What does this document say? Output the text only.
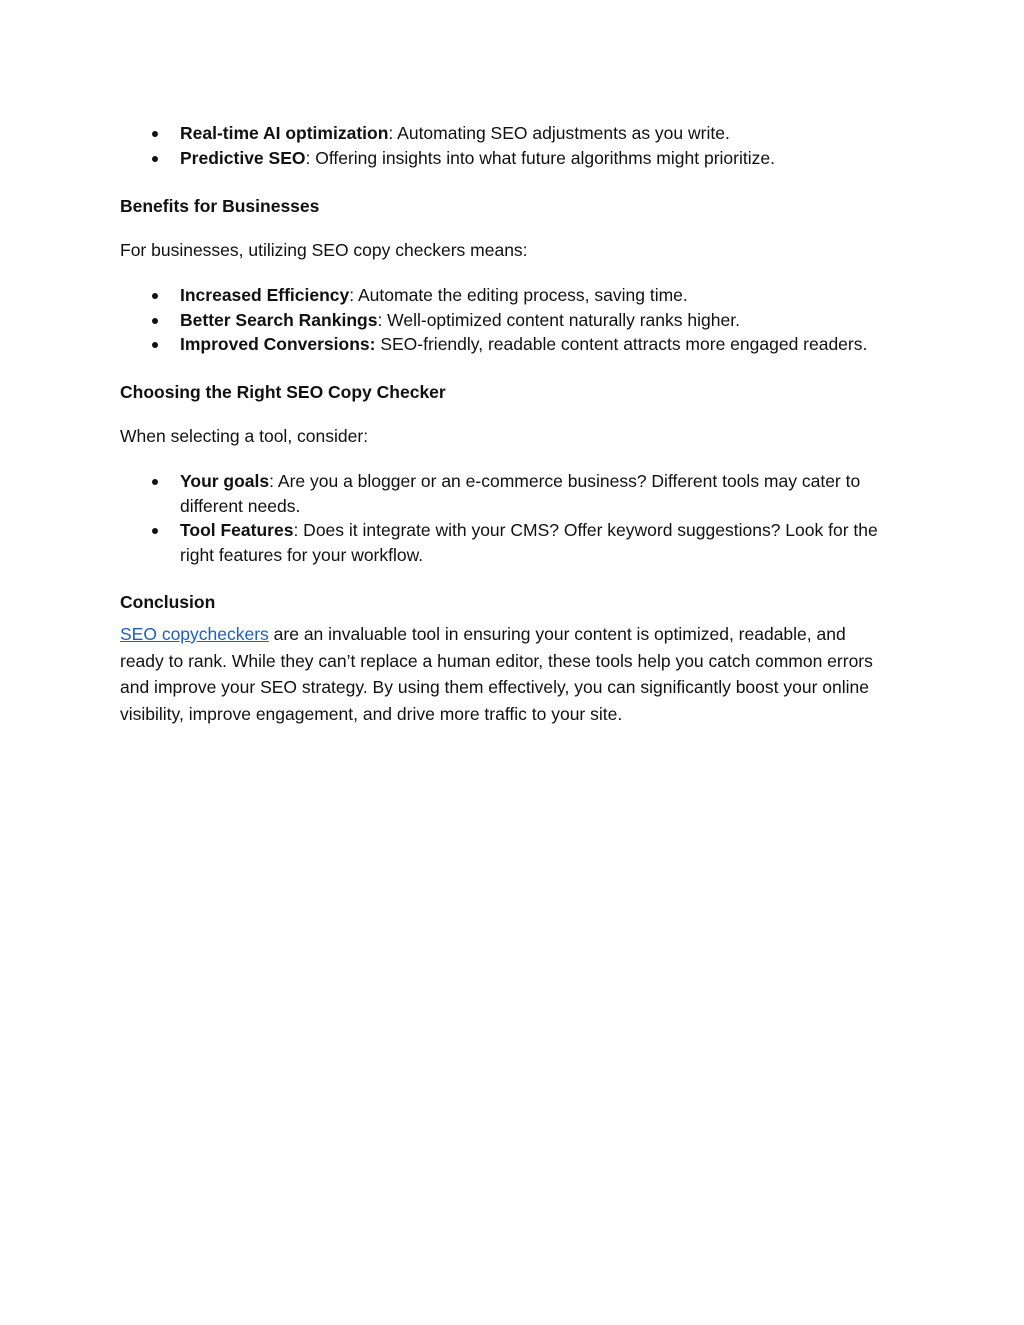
Real-time AI optimization: Automating SEO adjustments as you write.
Predictive SEO: Offering insights into what future algorithms might prioritize.
Benefits for Businesses

For businesses, utilizing SEO copy checkers means:

Increased Efficiency: Automate the editing process, saving time.
Better Search Rankings: Well-optimized content naturally ranks higher.
Improved Conversions: SEO-friendly, readable content attracts more engaged readers.
Choosing the Right SEO Copy Checker

When selecting a tool, consider:

Your goals: Are you a blogger or an e-commerce business? Different tools may cater to different needs.
Tool Features: Does it integrate with your CMS? Offer keyword suggestions? Look for the right features for your workflow.
Conclusion

SEO copycheckers are an invaluable tool in ensuring your content is optimized, readable, and ready to rank. While they can’t replace a human editor, these tools help you catch common errors and improve your SEO strategy. By using them effectively, you can significantly boost your online visibility, improve engagement, and drive more traffic to your site.
